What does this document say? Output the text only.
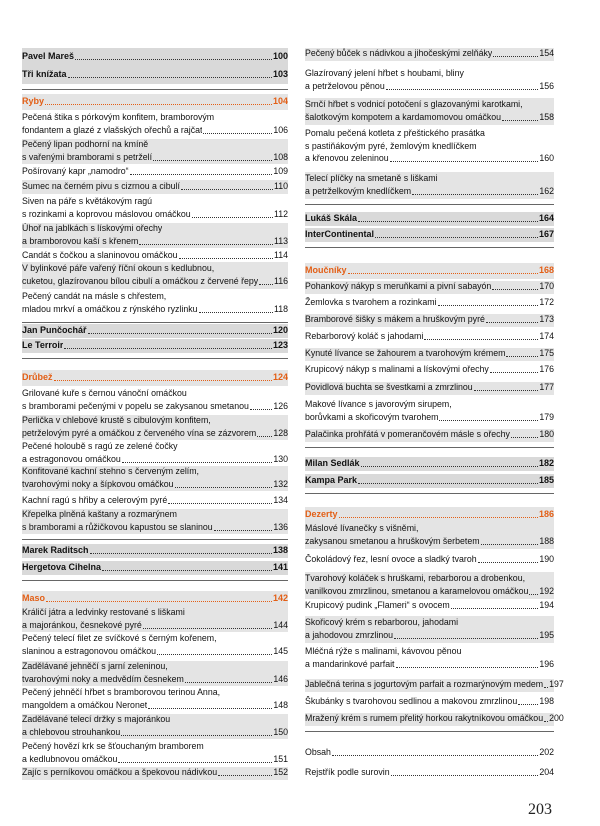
Pavel Mareš	100
Tři knížata	103
Ryby	104
Pečená štika s pórkovým konfitem, bramborovým
fondantem a glazé z vlašských ořechů a rajčat	106
Pečený lipan podhorní na kmíně
s vařenými bramborami s petrželí	108
Pošírovaný kapr „namodro“	109
Sumec na černém pivu s cizrnou a cibulí	110
Siven na páře s květákovým ragú
s rozinkami a koprovou máslovou omáčkou	112
Úhoř na jablkách s lískovými ořechy
a bramborovou kaší s křenem	113
Candát s čočkou a slaninovou omáčkou	114
V bylinkové páře vařený říční okoun s kedlubnou,
cuketou, glazírovanou bílou cibulí a omáčkou z červené řepy 116
Pečený candát na másle s chřestem,
mladou mrkví a omáčkou z rýnského ryzlinku	118
Jan Punčochář	120
Le Terroir	123
Drůbež	124
Grilované kuře s černou vánoční omáčkou
s bramborami pečenými v popelu se zakysanou smetanou	126
Perlička v chlebové krustě s cibulovým konfitem,
petrželovým pyré a omáčkou z červeného vína se zázvorem 128
Pečené holoubě s ragú ze zelené čočky
a estragonovou omáčkou	130
Konfitované kachní stehno s červeným zelím,
tvarohovými noky a šípkovou omáčkou	132
Kachní ragú s hřiby a celerovým pyré	134
Křepelka plněná kaštany a rozmarýnem
s bramborami a růžičkovou kapustou se slaninou	136
Marek Raditsch	138
Hergetova Cihelna	141
Maso	142
Králičí játra a ledvinky restované s liškami
a majoránkou, česnekové pyré	144
Pečený telecí filet ze svíčkové s černým kořenem,
slaninou a estragonovou omáčkou	145
Zadělávané jehněčí s jarní zeleninou,
tvarohovými noky a medvědím česnekem	146
Pečený jehněčí hřbet s bramborovou terinou Anna,
mangoldem a omáčkou Neronet	148
Zadělávané telecí držky s majoránkou
a chlebovou strouhankou	150
Pečený hovězí krk se šťouchaným bramborem
a kedlubnovou omáčkou	151
Zajíc s perníkovou omáčkou a špekovou nádivkou	152
Pečený bůček s nádivkou a jihočeskými zelňáky	154
Glazírovaný jelení hřbet s houbami, bliny
a petrželovou pěnou	156
Srnčí hřbet s vodnicí potočení s glazovanými karotkami,
šalotkovým kompotem a kardamomovou omáčkou	158
Pomalu pečená kotleta z přeštického prasátka
s pastiňákovým pyré, žemlovým knedlíčkem
a křenovou zeleninou	160
Telecí plíčky na smetaně s liškami
a petrželkovým knedlíčkem	162
Lukáš Skála	164
InterContinental	167
Moučníky	168
Pohankový nákyp s meruňkami a pivní sabayón	170
Žemlovka s tvarohem a rozinkami	172
Bramborové šišky s mákem a hruškovým pyré	173
Rebarborový koláč s jahodami	174
Kynuté lívance se žahourem a tvarohovým krémem	175
Krupicový nákyp s malinami a lískovými ořechy	176
Povidlová buchta se švestkami a zmrzlinou	177
Makové lívance s javorovým sirupem,
borůvkami a skořicovým tvarohem	179
Palačinka prohřátá v pomerančovém másle s ořechy	180
Milan Sedlák	182
Kampa Park	185
Dezerty	186
Máslové lívanečky s višněmi,
zakysanou smetanou a hruškovým šerbetem	188
Čokoládový řez, lesní ovoce a sladký tvaroh	190
Tvarohový koláček s hruškami, rebarborou a drobenkou,
vanilkovou zmrzlinou, smetanou a karamelovou omáčkou 192
Krupicový pudink „Flameri“ s ovocem	194
Skořicový krém s rebarborou, jahodami
a jahodovou zmrzlinou	195
Mléčná rýže s malinami, kávovou pěnou
a mandarinkové parfait	196
Jablečná terina s jogurtovým parfait a rozmarýnovým medem 197
Škubánky s tvarohovou sedlinou a makovou zmrzlinou	198
Mražený krém s rumem přelitý horkou rakytníkovou omáčkou 200
Obsah	202
Rejstřík podle surovin	204
203
